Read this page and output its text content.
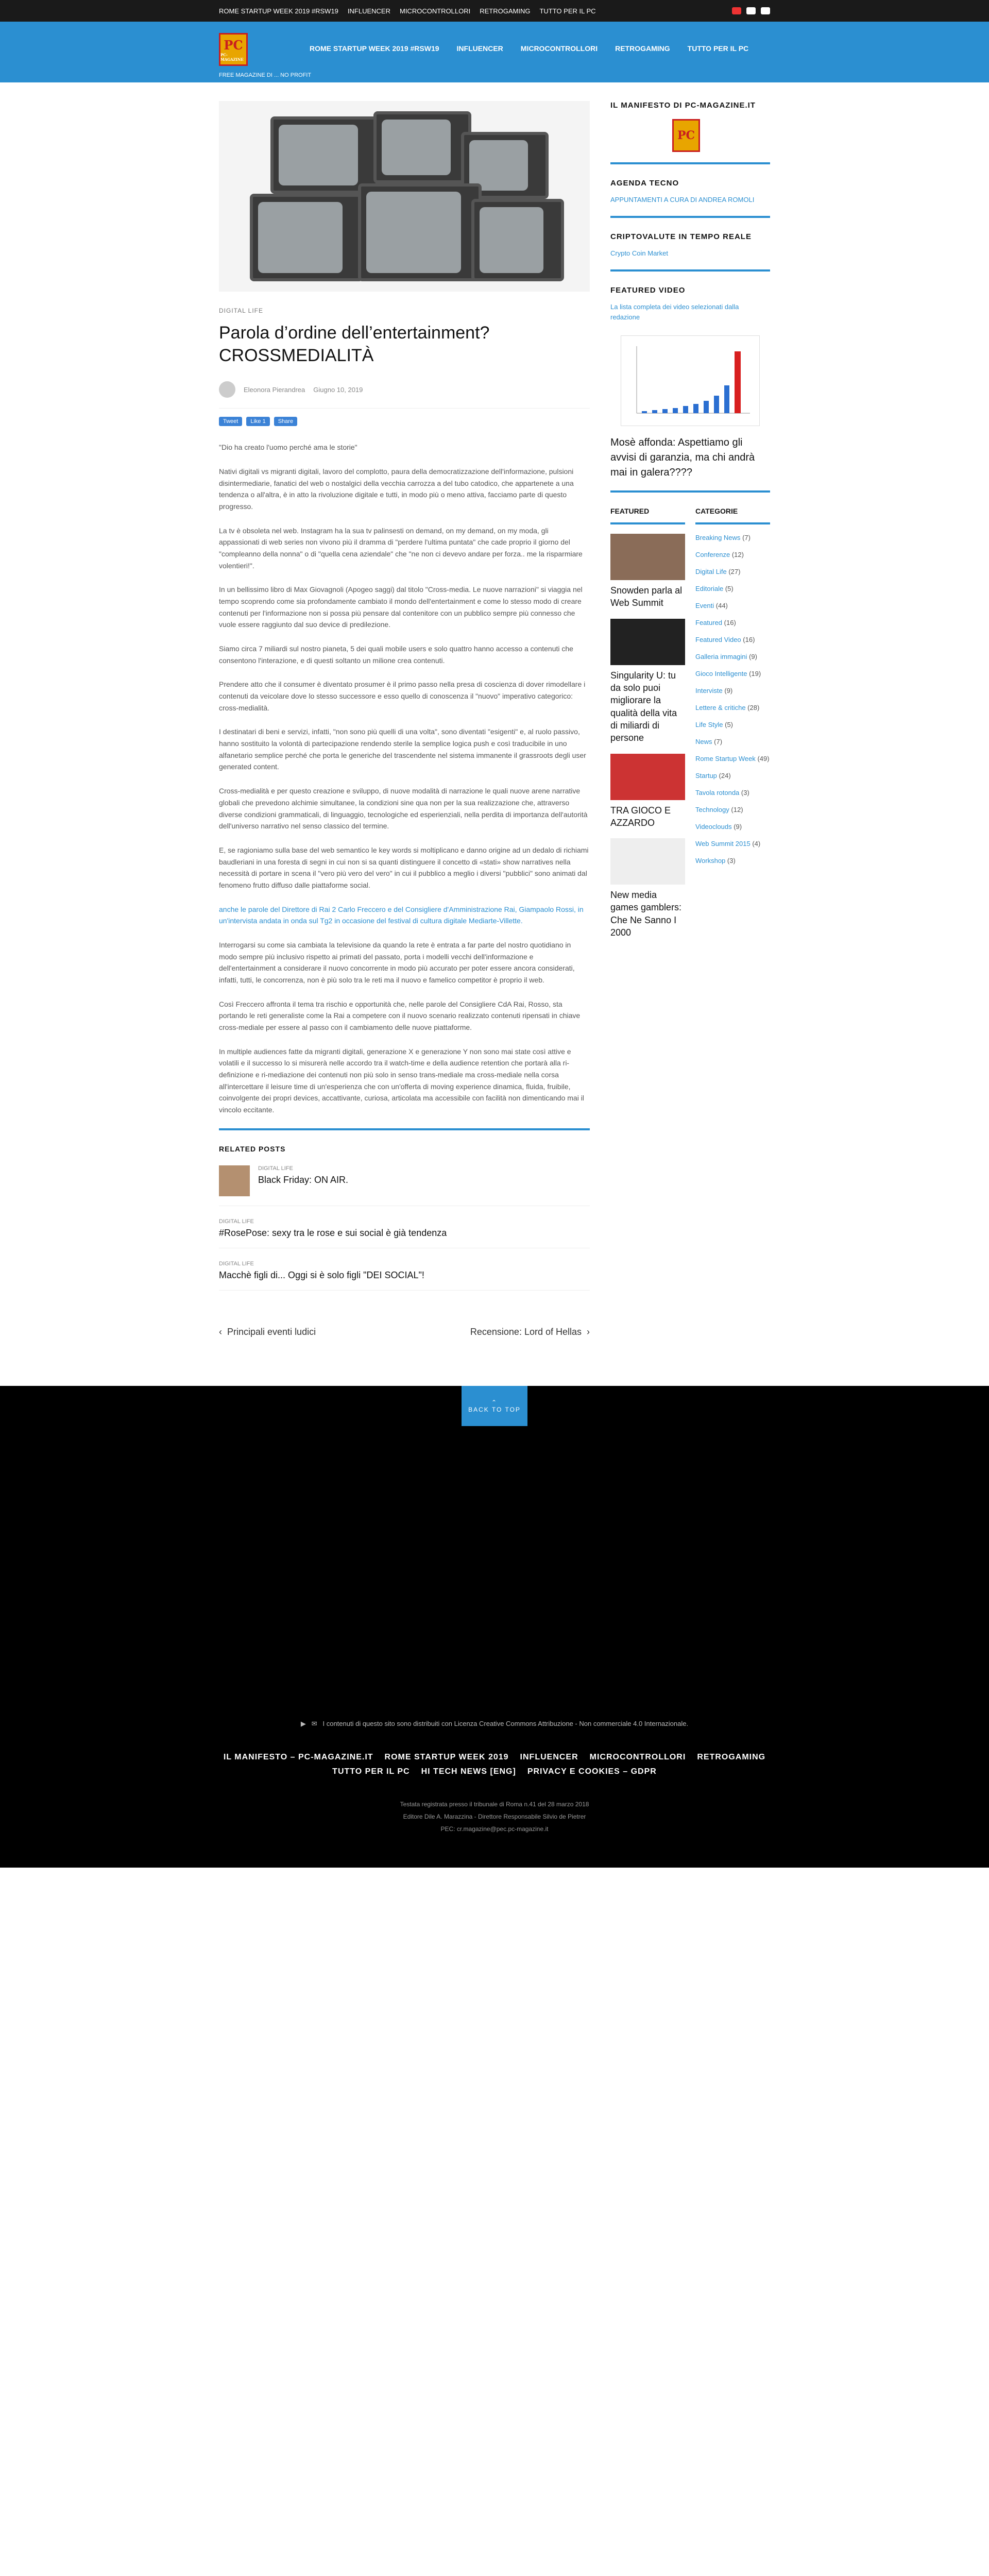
ROME STARTUP WEEK 2019 #RSW19 INFLUENCER MICROCONTROLLORI RETROGAMING TUTTO PER IL PC
PC
PC-MAGAZINE
FREE MAGAZINE DI ... NO PROFIT
ROME STARTUP WEEK 2019 #RSW19 INFLUENCER MICROCONTROLLORI RETROGAMING TUTTO PER IL PC
DIGITAL LIFE
Parola d’ordine dell’entertainment?
CROSSMEDIALITÀ
Eleonora Pierandrea Giugno 10, 2019
Tweet	Like 1	Share

"Dio ha creato l'uomo perché ama le storie"

Nativi digitali vs migranti digitali, lavoro del complotto, paura della democratizzazione dell'informazione, pulsioni disintermediarie, fanatici del web o nostalgici della vecchia carrozza a del tubo catodico, che appartenete a una tendenza o all'altra, è in atto la rivoluzione digitale e tutti, in modo più o meno attiva, facciamo parte di questo progresso.

La tv è obsoleta nel web. Instagram ha la sua tv palinsesti on demand, on my demand, on my moda, gli appassionati di web series non vivono più il dramma di "perdere l'ultima puntata" che cade proprio il giorno del "compleanno della nonna" o di "quella cena aziendale" che "ne non ci devevo andare per forza.. me la risparmiare volentieri!".

In un bellissimo libro di Max Giovagnoli (Apogeo saggi) dal titolo "Cross-media. Le nuove narrazioni" si viaggia nel tempo scoprendo come sia profondamente cambiato il mondo dell'entertainment e come lo stesso modo di creare contenuti per l'informazione non si possa più pensare dal contenitore con un pubblico sempre più connesso che vuole essere raggiunto dal suo device di predilezione.

Siamo circa 7 miliardi sul nostro pianeta, 5 dei quali mobile users e solo quattro hanno accesso a contenuti che consentono l'interazione, e di questi soltanto un milione crea contenuti.

Prendere atto che il consumer è diventato prosumer è il primo passo nella presa di coscienza di dover rimodellare i contenuti da veicolare dove lo stesso successore e esso quello di conoscenza il "nuovo" imperativo categorico: cross-medialità.

I destinatari di beni e servizi, infatti, "non sono più quelli di una volta", sono diventati "esigenti" e, al ruolo passivo, hanno sostituito la volontà di partecipazione rendendo sterile la semplice logica push e così traducibile in uno alfanetario semplice perché che porta le generiche del trascendente nel sistema immanente il grassroots degli user generated content.

Cross-medialità e per questo creazione e sviluppo, di nuove modalità di narrazione le quali nuove arene narrative globali che prevedono alchimie simultanee, la condizioni sine qua non per la sua realizzazione che, attraverso diverse condizioni grammaticali, di linguaggio, tecnologiche ed esperienziali, nella perdita di importanza dell'autorità dell'universo narrativo nel senso classico del termine.

E, se ragioniamo sulla base del web semantico le key words si moltiplicano e danno origine ad un dedalo di richiami baudleriani in una foresta di segni in cui non si sa quanti distinguere il concetto di «stati» show narratives nella necessità di portare in scena il "vero più vero del vero" in cui il pubblico a meglio i diversi "pubblici" sono animati dal fenomeno frutto diffuso dalle piattaforme social.

anche le parole del Direttore di Rai 2 Carlo Freccero e del Consigliere d'Amministrazione Rai, Giampaolo Rossi, in un'intervista andata in onda sul Tg2 in occasione del festival di cultura digitale Mediarte-Villette.

Interrogarsi su come sia cambiata la televisione da quando la rete è entrata a far parte del nostro quotidiano in modo sempre più inclusivo rispetto ai primati del passato, porta i modelli vecchi dell'informazione e dell'entertainment a considerare il nuovo concorrente in modo più accurato per poter essere ancora considerati, infatti, tutti, le concorrenza, non è più solo tra le reti ma il nuovo e famelico competitor è proprio il web.

Così Freccero affronta il tema tra rischio e opportunità che, nelle parole del Consigliere CdA Rai, Rosso, sta portando le reti generaliste come la Rai a competere con il nuovo scenario realizzato contenuti ripensati in chiave cross-mediale per essere al passo con il cambiamento delle nuove piattaforme.

In multiple audiences fatte da migranti digitali, generazione X e generazione Y non sono mai state così attive e volatili e il successo lo si misurerà nelle accordo tra il watch-time e della audience retention che portarà alla ri-definizione e ri-mediazione dei contenuti non più solo in senso trans-mediale ma cross-mediale nella corsa all'intercettare il leisure time di un'esperienza che con un'offerta di moving experience dinamica, fluida, fruibile, coinvolgente dei propri devices, accattivante, curiosa, articolata ma accessibile con facilità non dimenticando mai il vincolo eccitante.

RELATED POSTS
DIGITAL LIFE
Black Friday: ON AIR.
DIGITAL LIFE
#RosePose: sexy tra le rose e sui social è già tendenza
DIGITAL LIFE
Macchè figli di... Oggi si è solo figli "DEI SOCIAL"!
‹  Principali eventi ludici	Recensione: Lord of Hellas  ›
IL MANIFESTO DI PC-MAGAZINE.IT
PC
AGENDA TECNO
APPUNTAMENTI A CURA DI ANDREA ROMOLI
CRIPTOVALUTE IN TEMPO REALE
Crypto Coin Market
FEATURED VIDEO
La lista completa dei video selezionati dalla redazione
Mosè affonda: Aspettiamo gli avvisi di garanzia, ma chi andrà mai in galera????
FEATURED
Snowden parla al Web Summit
Singularity U: tu da solo puoi migliorare la qualità della vita di miliardi di persone
TRA GIOCO E AZZARDO
New media games gamblers: Che Ne Sanno I 2000
CATEGORIE
Breaking News (7)
Conferenze (12)
Digital Life (27)
Editoriale (5)
Eventi (44)
Featured (16)
Featured Video (16)
Galleria immagini (9)
Gioco Intelligente (19)
Interviste (9)
Lettere & critiche (28)
Life Style (5)
News (7)
Rome Startup Week (49)
Startup (24)
Tavola rotonda (3)
Technology (12)
Videoclouds (9)
Web Summit 2015 (4)
Workshop (3)
⌃
BACK TO TOP
▶ ✉ I contenuti di questo sito sono distribuiti con Licenza Creative Commons Attribuzione - Non commerciale 4.0 Internazionale.
IL MANIFESTO – PC-MAGAZINE.IT ROME STARTUP WEEK 2019 INFLUENCER MICROCONTROLLORI RETROGAMING
TUTTO PER IL PC HI TECH NEWS [ENG] PRIVACY E COOKIES – GDPR
Testata registrata presso il tribunale di Roma n.41 del 28 marzo 2018
Editore Dile A. Marazzina - Direttore Responsabile Silvio de Pietrer
PEC: cr.magazine@pec.pc-magazine.it
